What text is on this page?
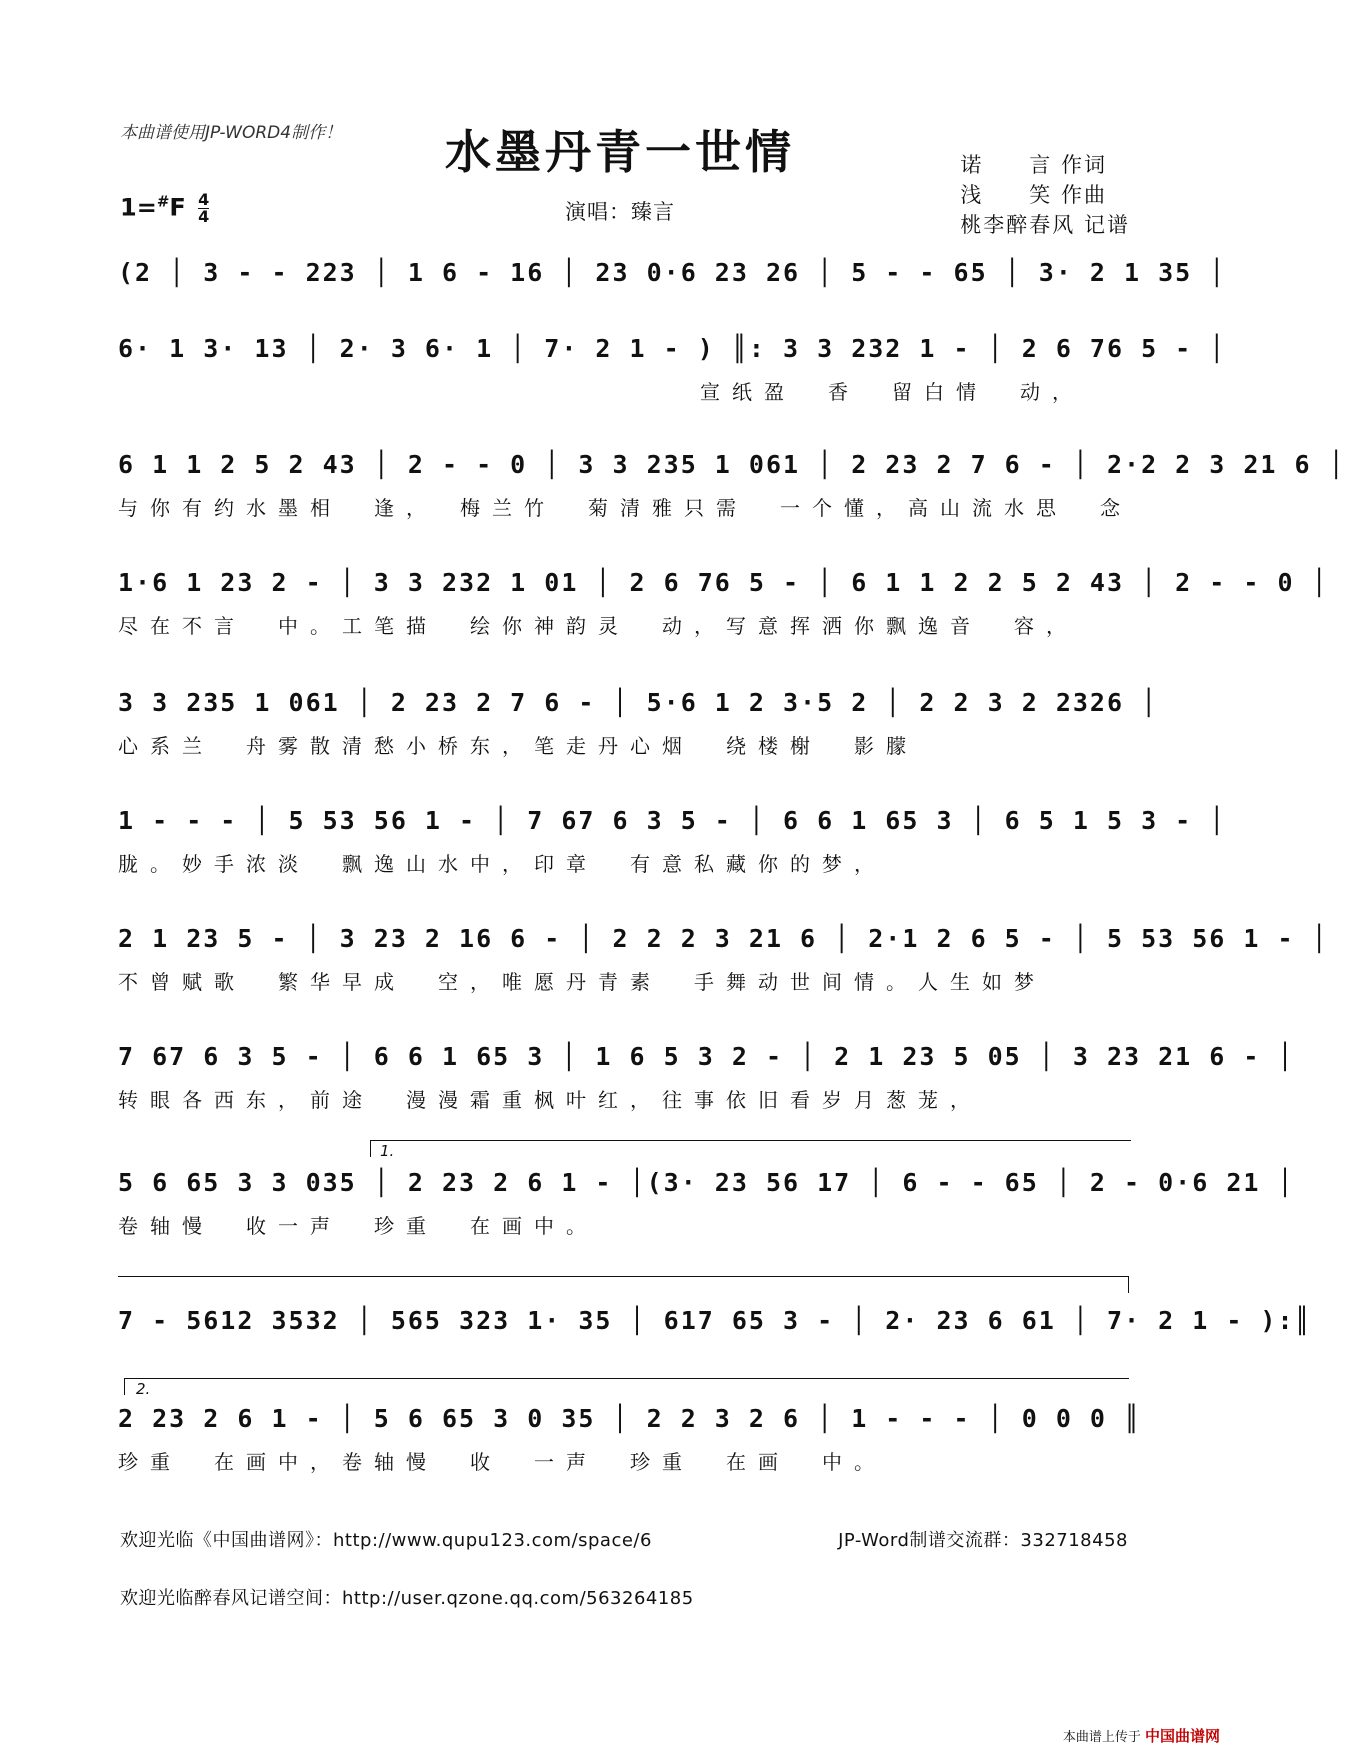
本曲谱使用JP-WORD4制作！	水墨丹青一世情	诺　　言 作词
浅　　笑 作曲
桃李醉春风 记谱
$1=^{\#}F \frac{4}{4}$	演唱：臻言
(2 │ 3 - - 223 │ 1 6 - 16 │ 23 0·6 23 26 │ 5 - - 65 │ 3· 2 1 35 │
6· 1 3· 13 │ 2· 3 6· 1 │ 7· 2 1 - ) ║: 3 3 232 1 - │ 2 6 76 5 - │
宣纸盈　香　留白情　动，
6 1 1 2 5 2 43 │ 2 - - 0 │ 3 3 235 1 061 │ 2 23 2 7 6 - │ 2·2 2 3 21 6 │
与你有约水墨相　逢，　梅兰竹　菊清雅只需　一个懂，高山流水思　念
1·6 1 23 2 - │ 3 3 232 1 01 │ 2 6 76 5 - │ 6 1 1 2 2 5 2 43 │ 2 - - 0 │
尽在不言　中。工笔描　绘你神韵灵　动，写意挥洒你飘逸音　容，
3 3 235 1 061 │ 2 23 2 7 6 - │ 5·6 1 2 3·5 2 │ 2 2 3 2 2326 │
心系兰　舟雾散清愁小桥东，笔走丹心烟　绕楼榭　影朦
1 - - - │ 5 53 56 1 - │ 7 67 6 3 5 - │ 6 6 1 65 3 │ 6 5 1 5 3 - │
胧。妙手浓淡　飘逸山水中，印章　有意私藏你的梦，
2 1 23 5 - │ 3 23 2 16 6 - │ 2 2 2 3 21 6 │ 2·1 2 6 5 - │ 5 53 56 1 - │
不曾赋歌　繁华早成　空，唯愿丹青素　手舞动世间情。人生如梦
7 67 6 3 5 - │ 6 6 1 65 3 │ 1 6 5 3 2 - │ 2 1 23 5 05 │ 3 23 21 6 - │
转眼各西东，前途　漫漫霜重枫叶红，往事依旧看岁月葱茏，
1.
5 6 65 3 3 035 │ 2 23 2 6 1 - │(3· 23 56 17 │ 6 - - 65 │ 2 - 0·6 21 │
卷轴慢　收一声　珍重　在画中。
7 - 5612 3532 │ 565 323 1· 35 │ 617 65 3 - │ 2· 23 6 61 │ 7· 2 1 - ):║
2.
2 23 2 6 1 - │ 5 6 65 3 0 35 │ 2 2 3 2 6 │ 1 - - - │ 0 0 0 ║
珍重　在画中，卷轴慢　收　一声　珍重　在画　中。
欢迎光临《中国曲谱网》：http://www.qupu123.com/space/6	JP-Word制谱交流群：332718458
欢迎光临醉春风记谱空间：http://user.qzone.qq.com/563264185
本曲谱上传于 中国曲谱网
